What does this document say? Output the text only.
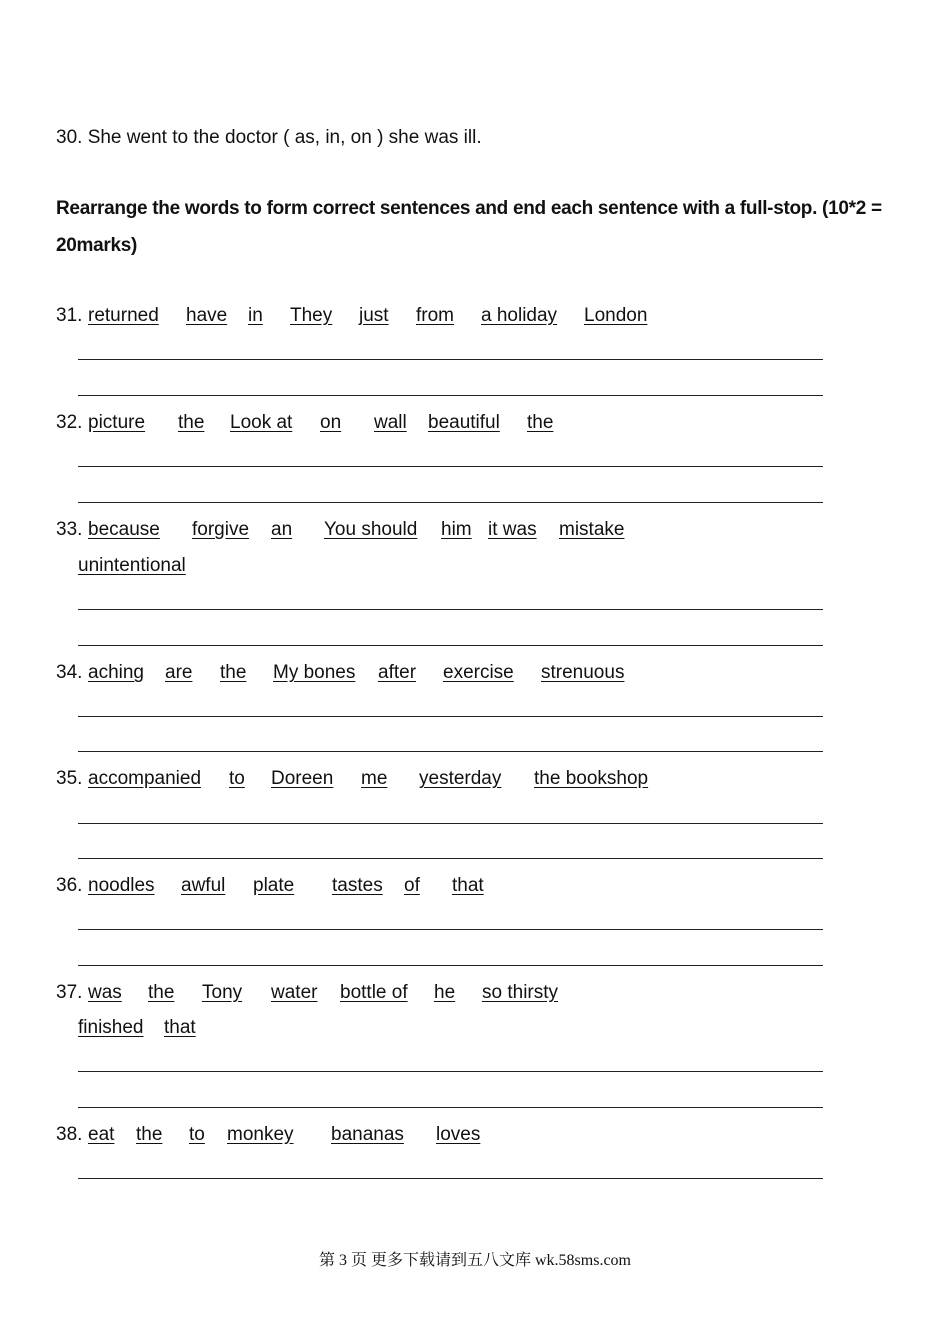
30. She went to the doctor ( as, in, on ) she was ill.
Rearrange the words to form correct sentences and end each sentence with a full-stop. (10*2 =
20marks)
31. returned have in They just from a holiday London
32. picture the Look at on wall beautiful the
33. because forgive an You should him it was mistake
unintentional
34. aching are the My bones after exercise strenuous
35. accompanied to Doreen me yesterday the bookshop
36. noodles awful plate tastes of that
37. was the Tony water bottle of he so thirsty
finished that
38. eat the to monkey bananas loves
第 3 页 更多下载请到五八文库 wk.58sms.com
